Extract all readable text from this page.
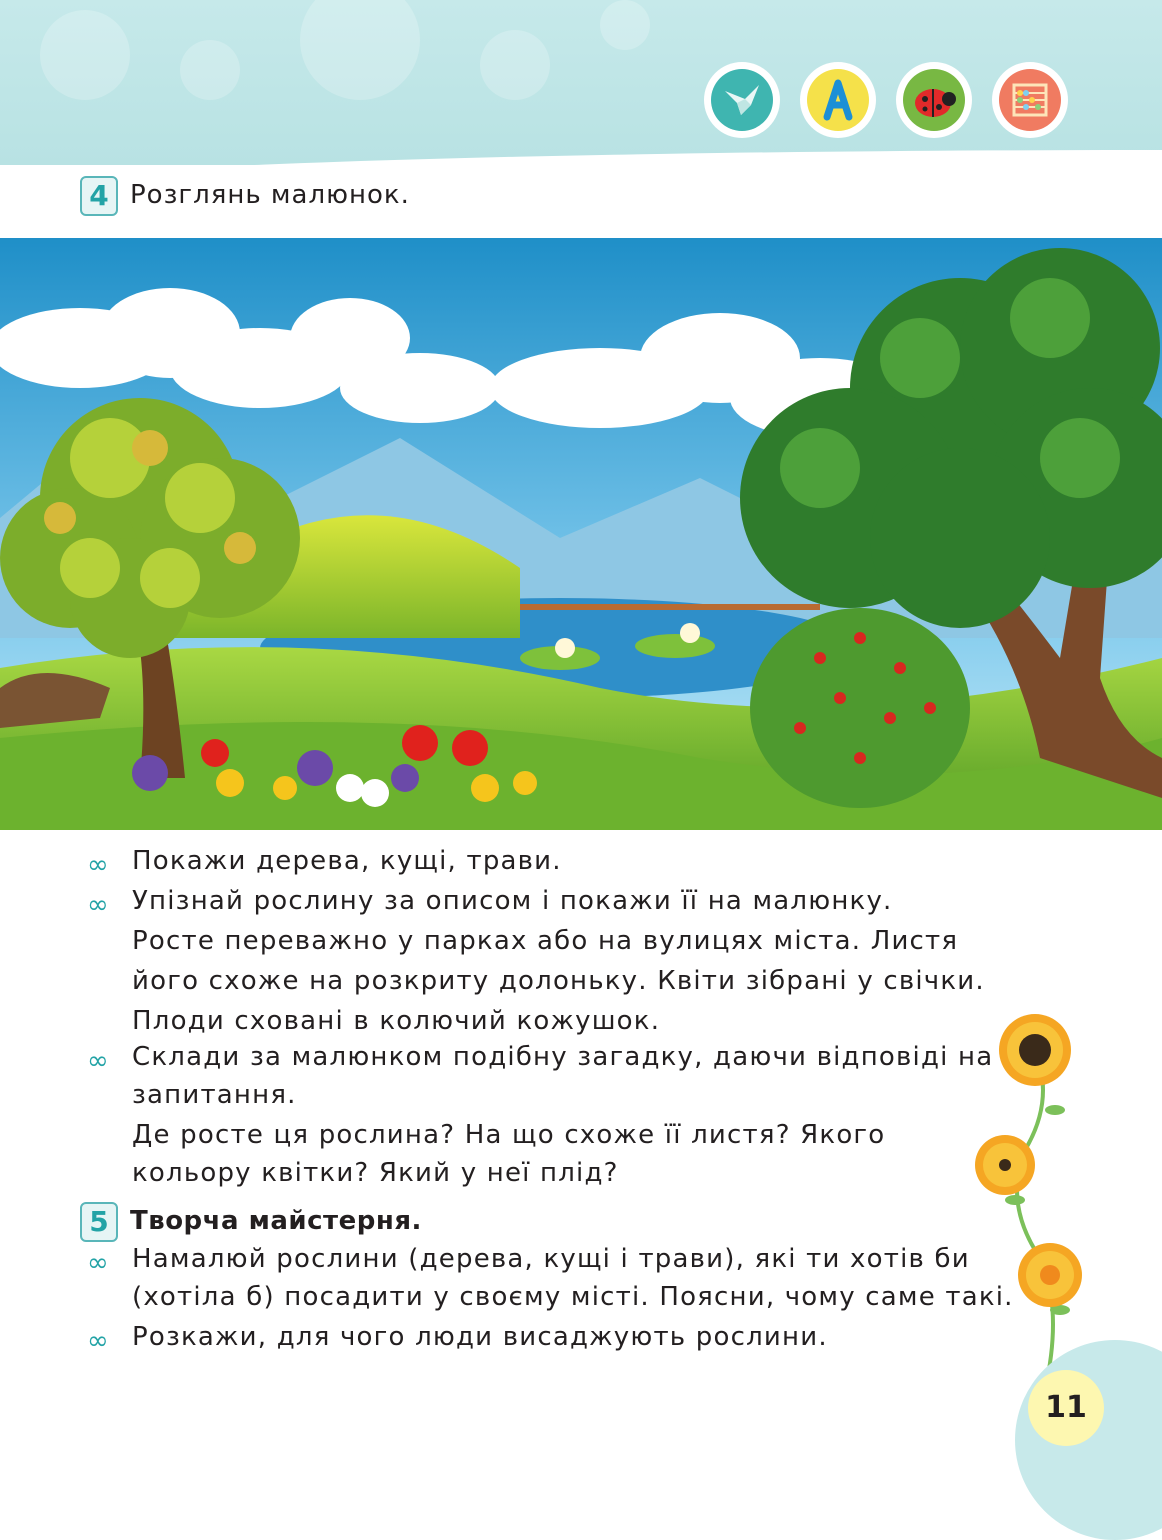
4 Розглянь малюнок.
∞ Покажи дерева, кущі, трави.
∞ Упізнай рослину за описом і покажи її на малюнку.
Росте переважно у парках або на вулицях міста. Листя
його схоже на розкриту долоньку. Квіти зібрані у свічки.
Плоди сховані в колючий кожушок.
∞ Склади за малюнком подібну загадку, даючи відповіді на
запитання.
Де росте ця рослина? На що схоже її листя? Якого
кольору квітки? Який у неї плід?
5 Творча майстерня.
∞ Намалюй рослини (дерева, кущі і трави), які ти хотів би
(хотіла б) посадити у своєму місті. Поясни, чому саме такі.
∞ Розкажи, для чого люди висаджують рослини.
11
